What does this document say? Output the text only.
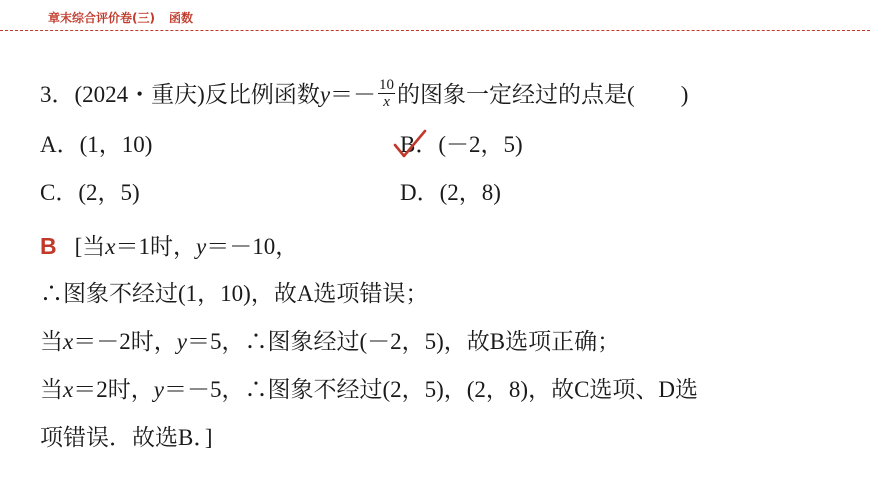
章末综合评价卷(三) 函数
3．(2024・重庆)反比例函数$y=- \frac{10}{x}$ 的图象一定经过的点是( )
A．(1，10)	B．(－2，5)
C．(2，5)	D．(2，8)
B [当x＝1时，y＝－10，
∴图象不经过(1，10)，故A选项错误；
当x＝－2时，y＝5，∴图象经过(－2，5)，故B选项正确；
当x＝2时，y＝－5，∴图象不经过(2，5)，(2，8)，故C选项、D选
项错误．故选B．]
